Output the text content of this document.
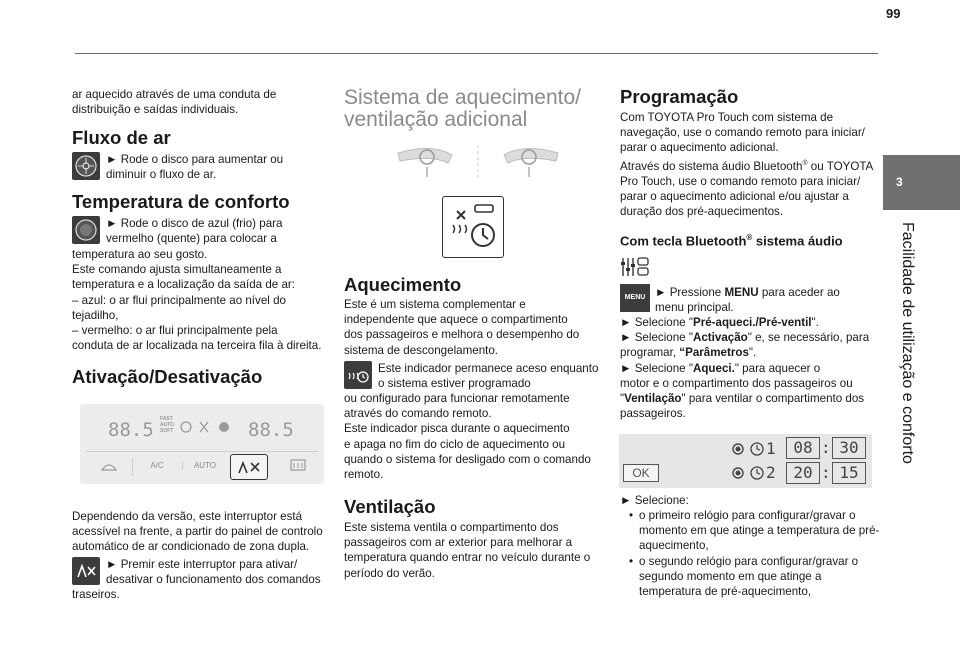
99
3
Facilidade de utilização e conforto

ar aquecido através de uma conduta de distribuição e saídas individuais.

Fluxo de ar

► Rode o disco para aumentar ou diminuir o fluxo de ar.

Temperatura de conforto

► Rode o disco de azul (frio) para vermelho (quente) para colocar a

temperatura ao seu gosto.

Este comando ajusta simultaneamente a

temperatura e a localização da saída de ar:

– azul: o ar flui principalmente ao nível do

tejadilho,

– vermelho: o ar flui principalmente pela

conduta de ar localizada na terceira fila à direita.

Ativação/Desativação
88.5 FAST
AUTO
SOFT	88.5
A/C	AUTO

Dependendo da versão, este interruptor está

acessível na frente, a partir do painel de controlo

automático de ar condicionado de zona dupla.

► Premir este interruptor para ativar/ desativar o funcionamento dos comandos

traseiros.

Sistema de aquecimento/

ventilação adicional

Aquecimento

Este é um sistema complementar e

independente que aquece o compartimento

dos passageiros e melhora o desempenho do

sistema de descongelamento.

Este indicador permanece aceso enquanto o sistema estiver programado

ou configurado para funcionar remotamente

através do comando remoto.

Este indicador pisca durante o aquecimento

e apaga no fim do ciclo de aquecimento ou

quando o sistema for desligado com o comando

remoto.

Ventilação

Este sistema ventila o compartimento dos

passageiros com ar exterior para melhorar a

temperatura quando entrar no veículo durante o

período do verão.

Programação

Com TOYOTA Pro Touch com sistema de

navegação, use o comando remoto para iniciar/

parar o aquecimento adicional.

Através do sistema áudio Bluetooth® ou TOYOTA

Pro Touch, use o comando remoto para iniciar/

parar o aquecimento adicional e/ou ajustar a

duração dos pré-aquecimentos.

Com tecla Bluetooth® sistema áudio
MENU ► Pressione MENU para aceder ao menu principal.

► Selecione "Pré-aqueci./Pré-ventil".

► Selecione "Activação" e, se necessário, para

programar, “Parâmetros".

► Selecione "Aqueci." para aquecer o

motor e o compartimento dos passageiros ou

"Ventilação" para ventilar o compartimento dos

passageiros.

OK
1	08 : 30
2	20 : 15

► Selecione:

• o primeiro relógio para configurar/gravar o momento em que atinge a temperatura de pré-aquecimento,
• o segundo relógio para configurar/gravar o segundo momento em que atinge a temperatura de pré-aquecimento,
